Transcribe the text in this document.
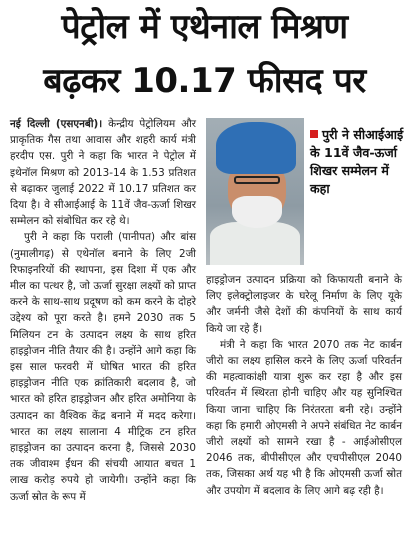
पेट्रोल में एथेनाल मिश्रण
बढ़कर 10.17 फीसद पर

नई दिल्ली (एसएनबी)। केन्द्रीय पेट्रोलियम और प्राकृतिक गैस तथा आवास और शहरी कार्य मंत्री हरदीप एस. पुरी ने कहा कि भारत ने पेट्रोल में इथेनॉल मिश्रण को 2013-14 के 1.53 प्रतिशत से बढ़ाकर जुलाई 2022 में 10.17 प्रतिशत कर दिया है। वे सीआईआई के 11वें जैव-ऊर्जा शिखर सम्मेलन को संबोधित कर रहे थे।

पुरी ने कहा कि पराली (पानीपत) और बांस (नुमालीगढ़) से एथेनॉल बनाने के लिए 2जी रिफाइनरियों की स्थापना, इस दिशा में एक और मील का पत्थर है, जो ऊर्जा सुरक्षा लक्ष्यों को प्राप्त करने के साथ-साथ प्रदूषण को कम करने के दोहरे उद्देश्य को पूरा करते है। हमने 2030 तक 5 मिलियन टन के उत्पादन लक्ष्य के साथ हरित हाइड्रोजन नीति तैयार की है। उन्होंने आगे कहा कि इस साल फरवरी में घोषित भारत की हरित हाइड्रोजन नीति एक क्रांतिकारी बदलाव है, जो भारत को हरित हाइड्रोजन और हरित अमोनिया के उत्पादन का वैश्विक केंद्र बनाने में मदद करेगा। भारत का लक्ष्य सालाना 4 मीट्रिक टन हरित हाइड्रोजन का उत्पादन करना है, जिससे 2030 तक जीवाश्म ईंधन की संचयी आयात बचत 1 लाख करोड़ रुपये हो जायेगी। उन्होंने कहा कि ऊर्जा स्रोत के रूप में

पुरी ने सीआईआई के 11वें जैव-ऊर्जा शिखर सम्मेलन में कहा

हाइड्रोजन उत्पादन प्रक्रिया को किफायती बनाने के लिए इलेक्ट्रोलाइजर के घरेलू निर्माण के लिए यूके और जर्मनी जैसे देशों की कंपनियों के साथ कार्य किये जा रहे हैं।

मंत्री ने कहा कि भारत 2070 तक नेट कार्बन जीरो का लक्ष्य हासिल करने के लिए ऊर्जा परिवर्तन की महत्वाकांक्षी यात्रा शुरू कर रहा है और इस परिवर्तन में स्थिरता होनी चाहिए और यह सुनिश्चित किया जाना चाहिए कि निरंतरता बनी रहे। उन्होंने कहा कि हमारी ओएमसी ने अपने संबंधित नेट कार्बन जीरो लक्ष्यों को सामने रखा है - आईओसीएल 2046 तक, बीपीसीएल और एचपीसीएल 2040 तक, जिसका अर्थ यह भी है कि ओएमसी ऊर्जा स्रोत और उपयोग में बदलाव के लिए आगे बढ़ रही है।
